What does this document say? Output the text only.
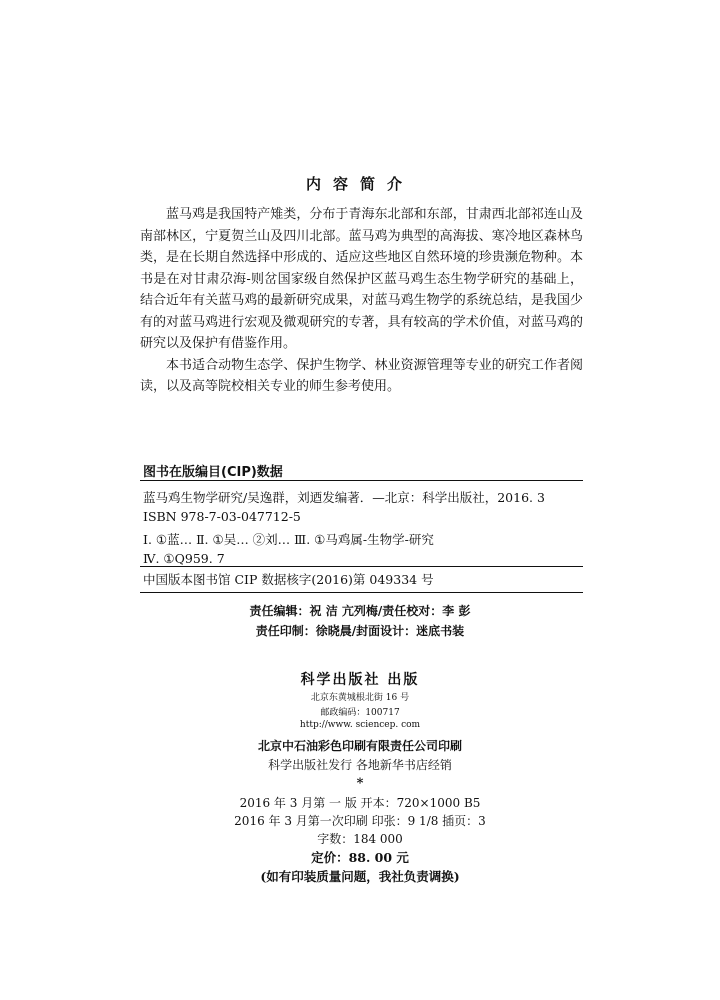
内容简介

蓝马鸡是我国特产雉类，分布于青海东北部和东部，甘肃西北部祁连山及南部林区，宁夏贺兰山及四川北部。蓝马鸡为典型的高海拔、寒冷地区森林鸟类，是在长期自然选择中形成的、适应这些地区自然环境的珍贵濒危物种。本书是在对甘肃尕海-则岔国家级自然保护区蓝马鸡生态生物学研究的基础上，结合近年有关蓝马鸡的最新研究成果，对蓝马鸡生物学的系统总结，是我国少有的对蓝马鸡进行宏观及微观研究的专著，具有较高的学术价值，对蓝马鸡的研究以及保护有借鉴作用。

本书适合动物生态学、保护生物学、林业资源管理等专业的研究工作者阅读，以及高等院校相关专业的师生参考使用。

图书在版编目(CIP)数据
蓝马鸡生物学研究/吴逸群，刘迺发编著．—北京：科学出版社，2016. 3
ISBN 978-7-03-047712-5
Ⅰ. ①蓝… Ⅱ. ①吴… ②刘… Ⅲ. ①马鸡属-生物学-研究
Ⅳ. ①Q959. 7
中国版本图书馆 CIP 数据核字(2016)第 049334 号
责任编辑：祝 洁 亢列梅/责任校对：李 彭
责任印制：徐晓晨/封面设计：迷底书装
科学出版社 出版
北京东黄城根北街 16 号
邮政编码：100717
http://www. sciencep. com
北京中石油彩色印刷有限责任公司印刷
科学出版社发行 各地新华书店经销
*
2016 年 3 月第 一 版 开本：720×1000 B5
2016 年 3 月第一次印刷 印张：9 1/8 插页：3
字数：184 000
定价：88. 00 元
(如有印装质量问题，我社负责调换)
